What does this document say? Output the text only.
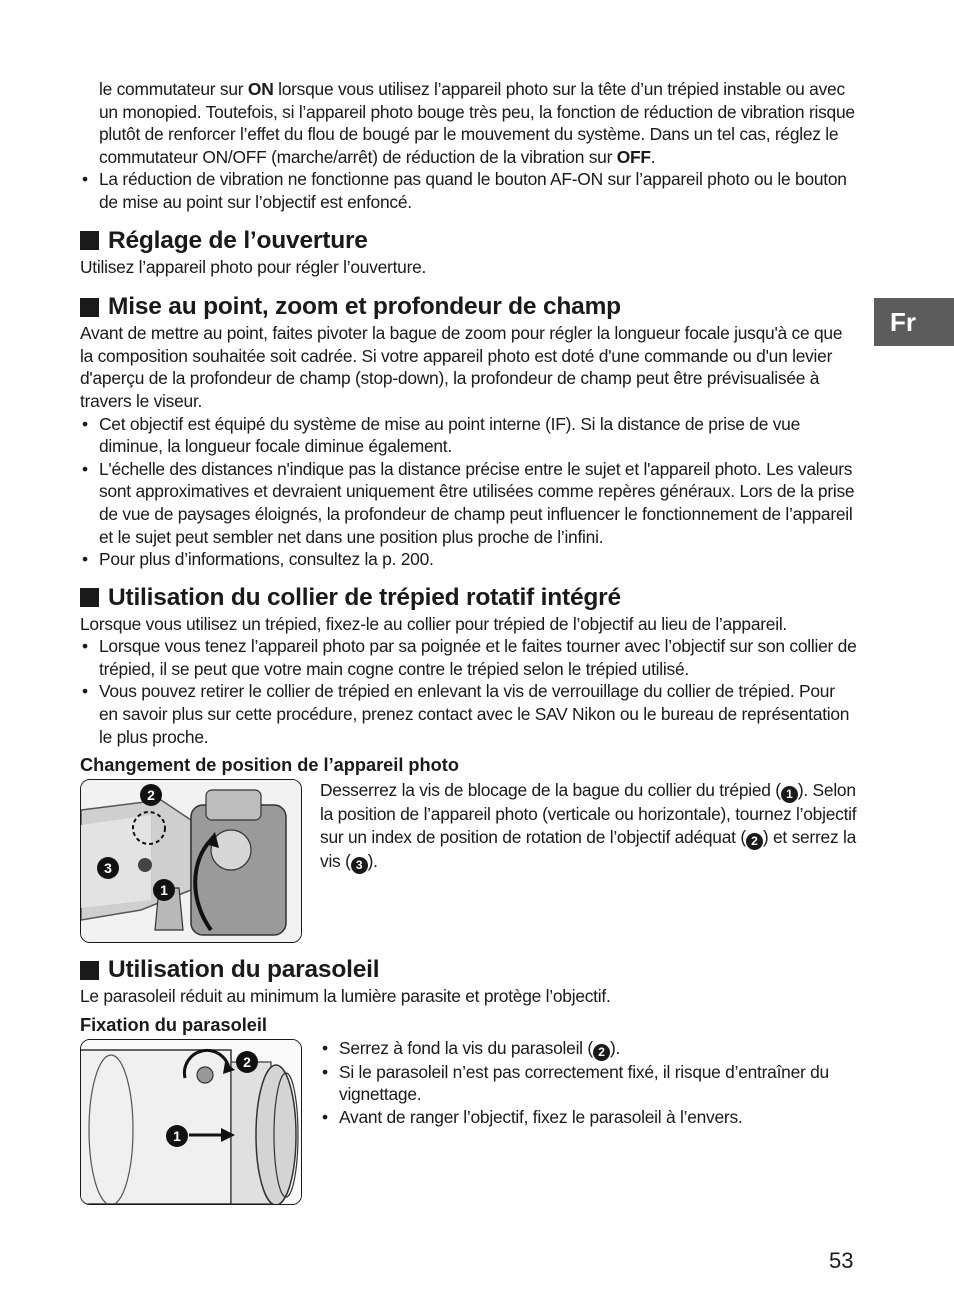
Fr

le commutateur sur ON lorsque vous utilisez l’appareil photo sur la tête d’un trépied instable ou avec un monopied. Toutefois, si l’appareil photo bouge très peu, la fonction de réduction de vibration risque plutôt de renforcer l’effet du flou de bougé par le mouvement du système. Dans un tel cas, réglez le commutateur ON/OFF (marche/arrêt) de réduction de la vibration sur OFF.

• La réduction de vibration ne fonctionne pas quand le bouton AF-ON sur l’appareil photo ou le bouton de mise au point sur l’objectif est enfoncé.
Réglage de l’ouverture

Utilisez l’appareil photo pour régler l’ouverture.

Mise au point, zoom et profondeur de champ

Avant de mettre au point, faites pivoter la bague de zoom pour régler la longueur focale jusqu'à ce que la composition souhaitée soit cadrée. Si votre appareil photo est doté d'une commande ou d'un levier d'aperçu de la profondeur de champ (stop-down), la profondeur de champ peut être prévisualisée à travers le viseur.

• Cet objectif est équipé du système de mise au point interne (IF). Si la distance de prise de vue diminue, la longueur focale diminue également.
• L'échelle des distances n'indique pas la distance précise entre le sujet et l'appareil photo. Les valeurs sont approximatives et devraient uniquement être utilisées comme repères généraux. Lors de la prise de vue de paysages éloignés, la profondeur de champ peut influencer le fonctionnement de l’appareil et le sujet peut sembler net dans une position plus proche de l’infini.
• Pour plus d’informations, consultez la p. 200.
Utilisation du collier de trépied rotatif intégré

Lorsque vous utilisez un trépied, fixez-le au collier pour trépied de l’objectif au lieu de l’appareil.

• Lorsque vous tenez l’appareil photo par sa poignée et le faites tourner avec l’objectif sur son collier de trépied, il se peut que votre main cogne contre le trépied selon le trépied utilisé.
• Vous pouvez retirer le collier de trépied en enlevant la vis de verrouillage du collier de trépied. Pour en savoir plus sur cette procédure, prenez contact avec le SAV Nikon ou le bureau de représentation le plus proche.
Changement de position de l’appareil photo
2
3
1

Desserrez la vis de blocage de la bague du collier du trépied ( 1 ). Selon la position de l’appareil photo (verticale ou horizontale), tournez l’objectif sur un index de position de rotation de l’objectif adéquat ( 2 ) et serrez la vis ( 3 ).

Utilisation du parasoleil

Le parasoleil réduit au minimum la lumière parasite et protège l’objectif.

Fixation du parasoleil
2
1
• Serrez à fond la vis du parasoleil ( 2 ).
• Si le parasoleil n’est pas correctement fixé, il risque d’entraîner du vignettage.
• Avant de ranger l’objectif, fixez le parasoleil à l’envers.
53
